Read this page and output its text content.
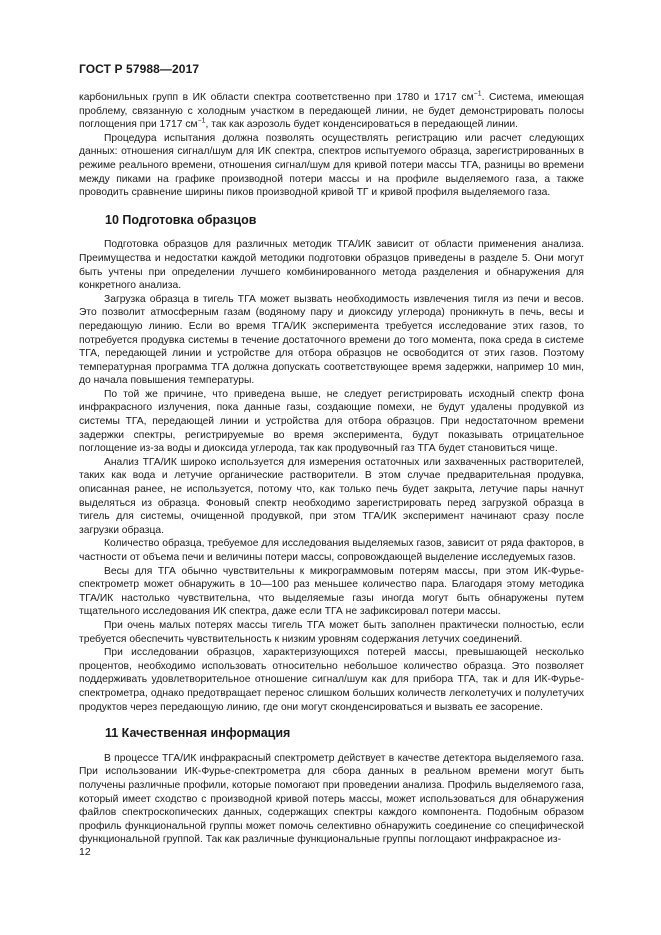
ГОСТ Р 57988—2017

карбонильных групп в ИК области спектра соответственно при 1780 и 1717 $см^{-1}$. Система, имеющая проблему, связанную с холодным участком в передающей линии, не будет демонстрировать полосы поглощения при 1717 $см^{-1}$, так как аэрозоль будет конденсироваться в передающей линии.

Процедура испытания должна позволять осуществлять регистрацию или расчет следующих данных: отношения сигнал/шум для ИК спектра, спектров испытуемого образца, зарегистрированных в режиме реального времени, отношения сигнал/шум для кривой потери массы ТГА, разницы во времени между пиками на графике производной потери массы и на профиле выделяемого газа, а также проводить сравнение ширины пиков производной кривой ТГ и кривой профиля выделяемого газа.

10 Подготовка образцов

Подготовка образцов для различных методик ТГА/ИК зависит от области применения анализа. Преимущества и недостатки каждой методики подготовки образцов приведены в разделе 5. Они могут быть учтены при определении лучшего комбинированного метода разделения и обнаружения для конкретного анализа.

Загрузка образца в тигель ТГА может вызвать необходимость извлечения тигля из печи и весов. Это позволит атмосферным газам (водяному пару и диоксиду углерода) проникнуть в печь, весы и передающую линию. Если во время ТГА/ИК эксперимента требуется исследование этих газов, то потребуется продувка системы в течение достаточного времени до того момента, пока среда в системе ТГА, передающей линии и устройстве для отбора образцов не освободится от этих газов. Поэтому температурная программа ТГА должна допускать соответствующее время задержки, например 10 мин, до начала повышения температуры.

По той же причине, что приведена выше, не следует регистрировать исходный спектр фона инфракрасного излучения, пока данные газы, создающие помехи, не будут удалены продувкой из системы ТГА, передающей линии и устройства для отбора образцов. При недостаточном времени задержки спектры, регистрируемые во время эксперимента, будут показывать отрицательное поглощение из-за воды и диоксида углерода, так как продувочный газ ТГА будет становиться чище.

Анализ ТГА/ИК широко используется для измерения остаточных или захваченных растворителей, таких как вода и летучие органические растворители. В этом случае предварительная продувка, описанная ранее, не используется, потому что, как только печь будет закрыта, летучие пары начнут выделяться из образца. Фоновый спектр необходимо зарегистрировать перед загрузкой образца в тигель для системы, очищенной продувкой, при этом ТГА/ИК эксперимент начинают сразу после загрузки образца.

Количество образца, требуемое для исследования выделяемых газов, зависит от ряда факторов, в частности от объема печи и величины потери массы, сопровождающей выделение исследуемых газов.

Весы для ТГА обычно чувствительны к микрограммовым потерям массы, при этом ИК-Фурье-спектрометр может обнаружить в 10—100 раз меньшее количество пара. Благодаря этому методика ТГА/ИК настолько чувствительна, что выделяемые газы иногда могут быть обнаружены путем тщательного исследования ИК спектра, даже если ТГА не зафиксировал потери массы.

При очень малых потерях массы тигель ТГА может быть заполнен практически полностью, если требуется обеспечить чувствительность к низким уровням содержания летучих соединений.

При исследовании образцов, характеризующихся потерей массы, превышающей несколько процентов, необходимо использовать относительно небольшое количество образца. Это позволяет поддерживать удовлетворительное отношение сигнал/шум как для прибора ТГА, так и для ИК-Фурье-спектрометра, однако предотвращает перенос слишком больших количеств легколетучих и полулетучих продуктов через передающую линию, где они могут сконденсироваться и вызвать ее засорение.

11 Качественная информация

В процессе ТГА/ИК инфракрасный спектрометр действует в качестве детектора выделяемого газа. При использовании ИК-Фурье-спектрометра для сбора данных в реальном времени могут быть получены различные профили, которые помогают при проведении анализа. Профиль выделяемого газа, который имеет сходство с производной кривой потерь массы, может использоваться для обнаружения файлов спектроскопических данных, содержащих спектры каждого компонента. Подобным образом профиль функциональной группы может помочь селективно обнаружить соединение со специфической функциональной группой. Так как различные функциональные группы поглощают инфракрасное из-

12
